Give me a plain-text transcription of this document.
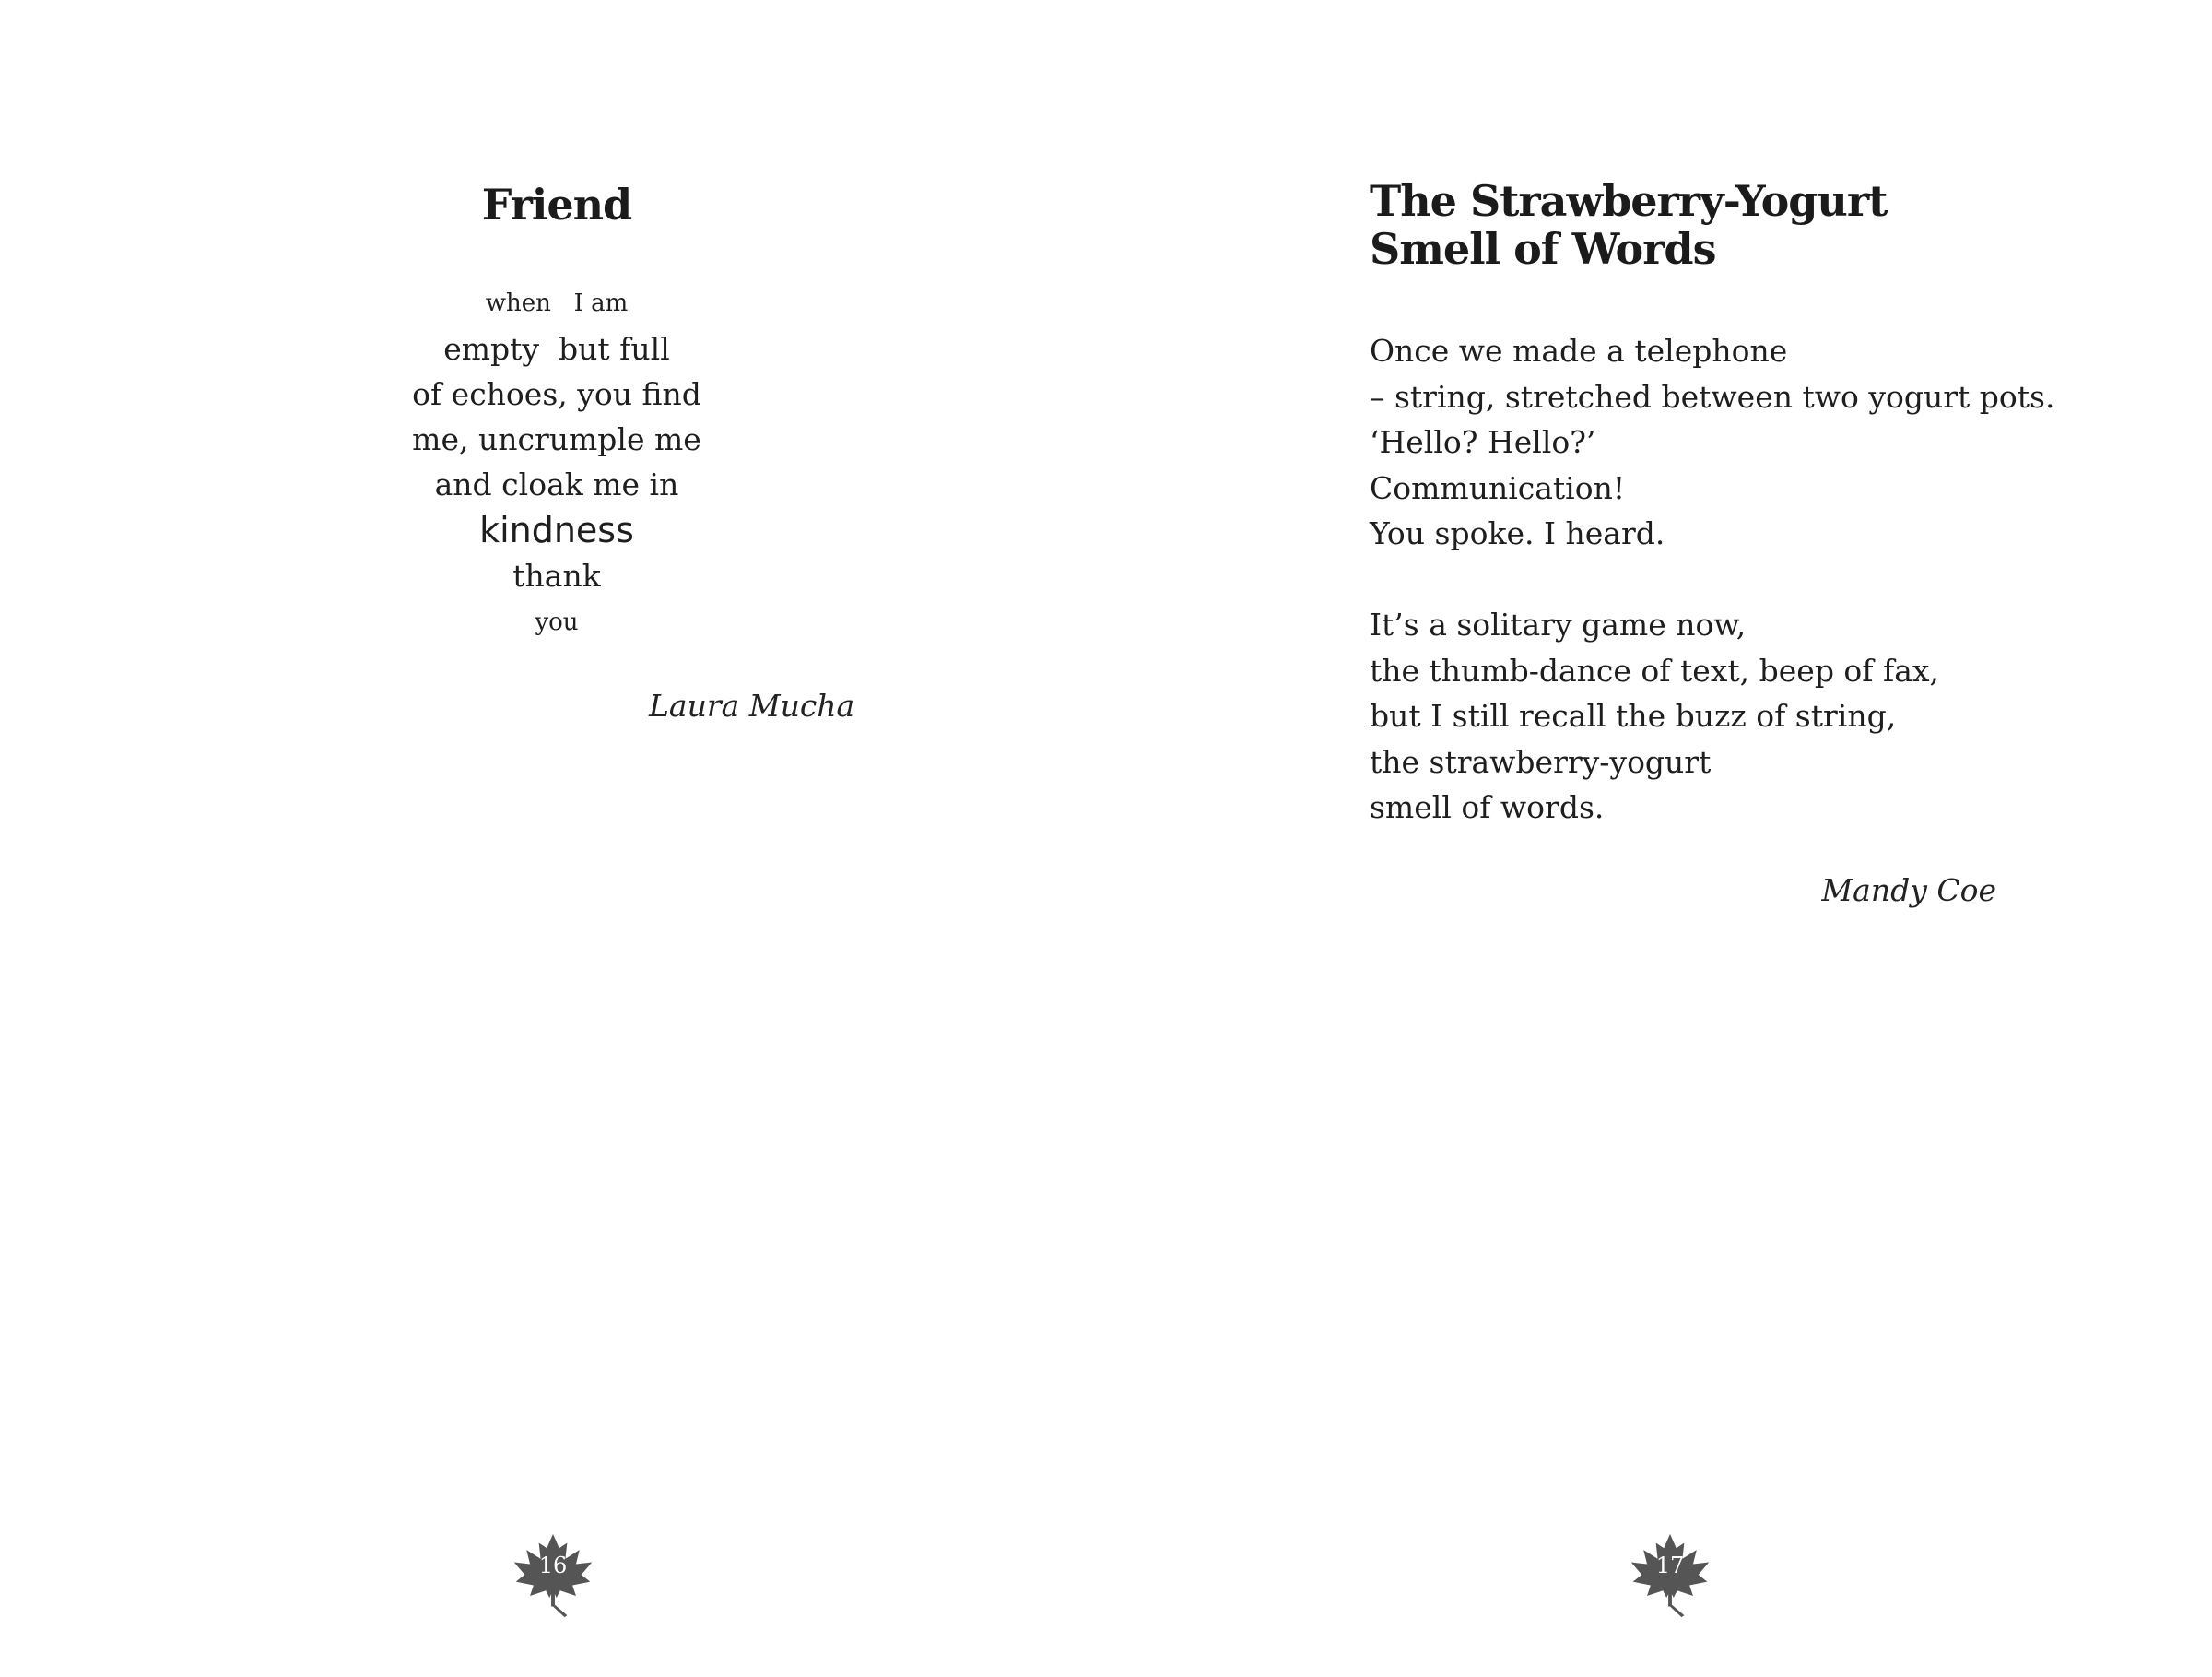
Friend
when   I am
empty  but full
of echoes, you find
me, uncrumple me
and cloak me in
kindness
thank
you
Laura Mucha
16
The Strawberry-Yogurt
Smell of Words
Once we made a telephone
– string, stretched between two yogurt pots.
‘Hello? Hello?’
Communication!
You spoke. I heard.
It’s a solitary game now,
the thumb-dance of text, beep of fax,
but I still recall the buzz of string,
the strawberry-yogurt
smell of words.
Mandy Coe
17
